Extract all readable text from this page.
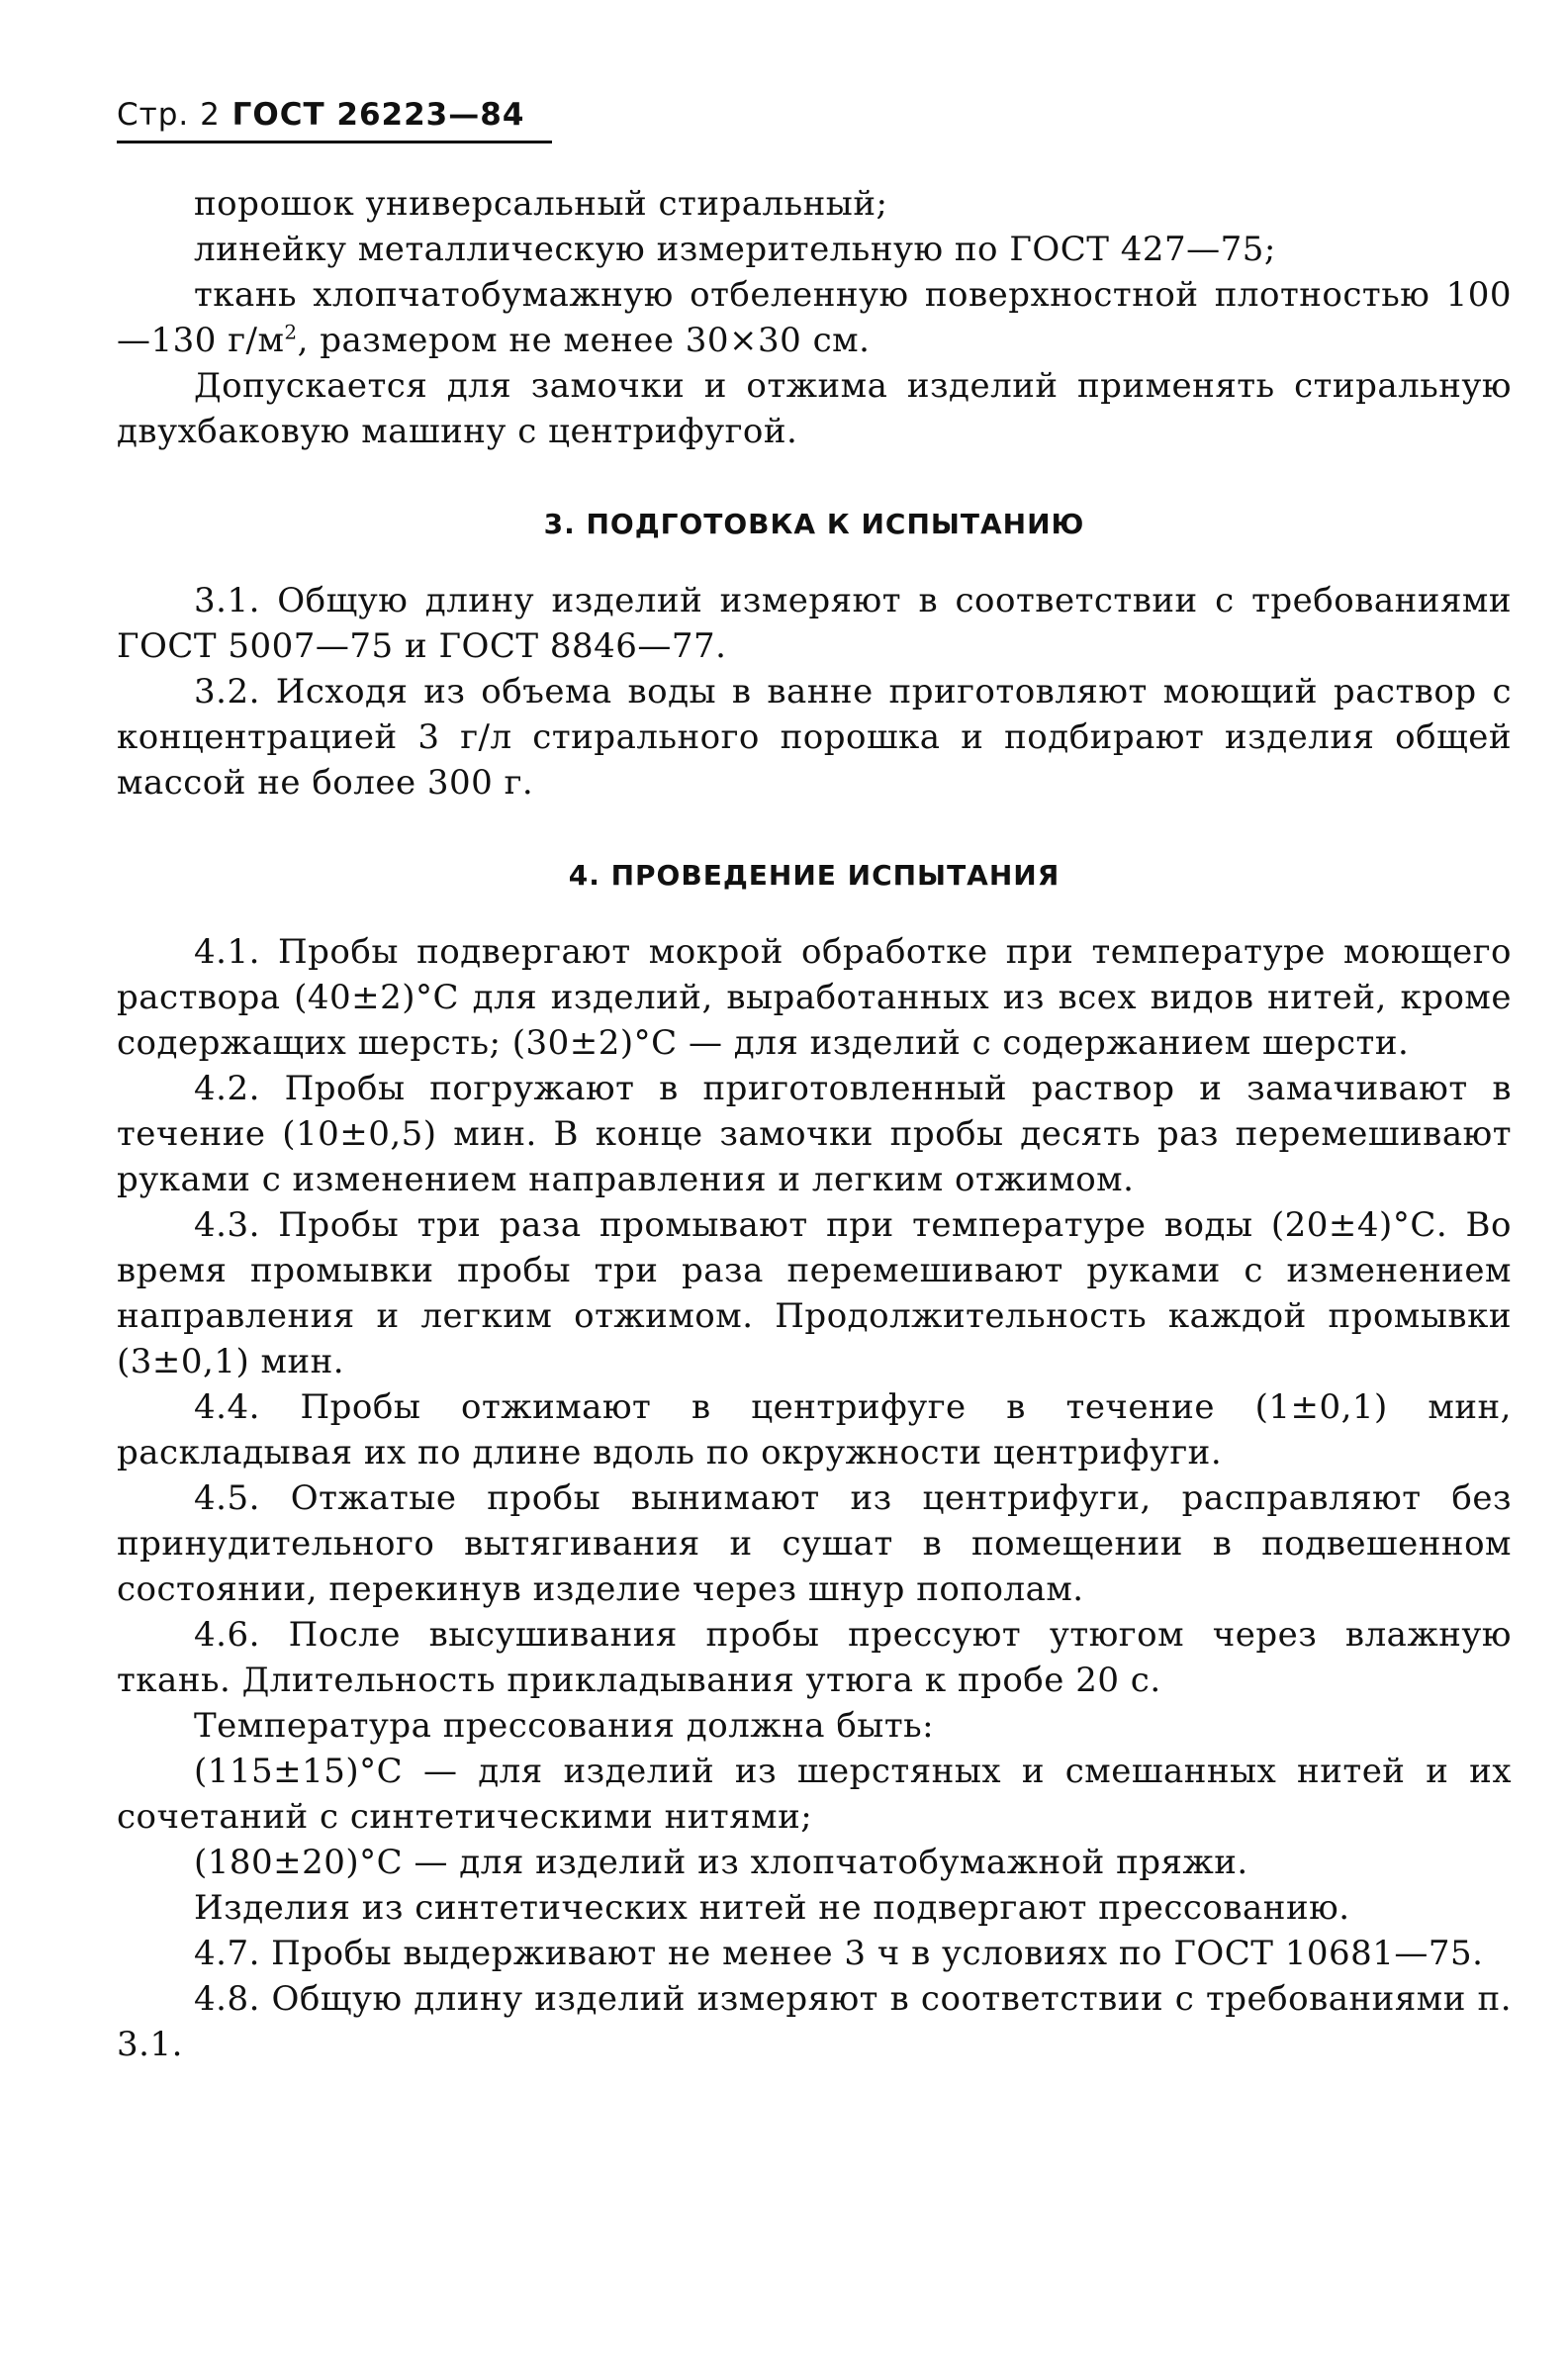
Стр. 2 ГОСТ 26223—84

порошок универсальный стиральный;

линейку металлическую измерительную по ГОСТ 427—75;

ткань хлопчатобумажную отбеленную поверхностной плотностью 100—130 $г/м^2$, размером не менее 30×30 см.

Допускается для замочки и отжима изделий применять стиральную двухбаковую машину с центрифугой.

3. ПОДГОТОВКА К ИСПЫТАНИЮ

3.1. Общую длину изделий измеряют в соответствии с требованиями ГОСТ 5007—75 и ГОСТ 8846—77.

3.2. Исходя из объема воды в ванне приготовляют моющий раствор с концентрацией 3 г/л стирального порошка и подбирают изделия общей массой не более 300 г.

4. ПРОВЕДЕНИЕ ИСПЫТАНИЯ

4.1. Пробы подвергают мокрой обработке при температуре моющего раствора (40±2)°С для изделий, выработанных из всех видов нитей, кроме содержащих шерсть; (30±2)°С — для изделий с содержанием шерсти.

4.2. Пробы погружают в приготовленный раствор и замачивают в течение (10±0,5) мин. В конце замочки пробы десять раз перемешивают руками с изменением направления и легким отжимом.

4.3. Пробы три раза промывают при температуре воды (20±4)°С. Во время промывки пробы три раза перемешивают руками с изменением направления и легким отжимом. Продолжительность каждой промывки (3±0,1) мин.

4.4. Пробы отжимают в центрифуге в течение (1±0,1) мин, раскладывая их по длине вдоль по окружности центрифуги.

4.5. Отжатые пробы вынимают из центрифуги, расправляют без принудительного вытягивания и сушат в помещении в подвешенном состоянии, перекинув изделие через шнур пополам.

4.6. После высушивания пробы прессуют утюгом через влажную ткань. Длительность прикладывания утюга к пробе 20 с.

Температура прессования должна быть:

(115±15)°С — для изделий из шерстяных и смешанных нитей и их сочетаний с синтетическими нитями;

(180±20)°С — для изделий из хлопчатобумажной пряжи.

Изделия из синтетических нитей не подвергают прессованию.

4.7. Пробы выдерживают не менее 3 ч в условиях по ГОСТ 10681—75.

4.8. Общую длину изделий измеряют в соответствии с требованиями п. 3.1.
